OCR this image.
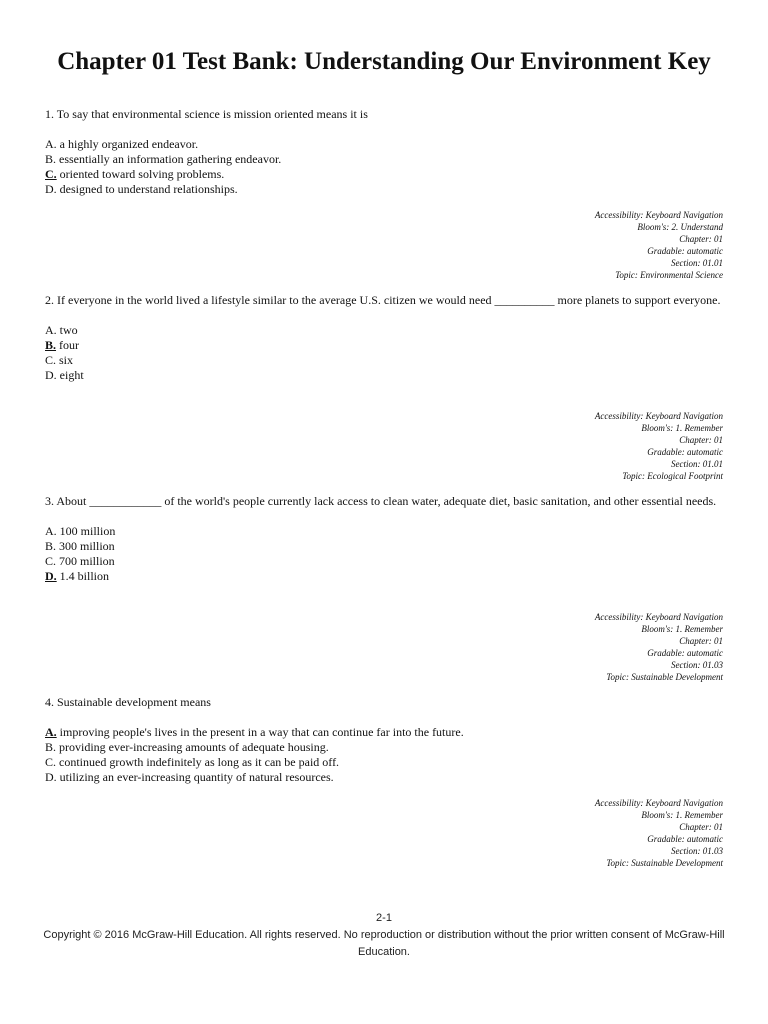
Chapter 01 Test Bank: Understanding Our Environment Key

1. To say that environmental science is mission oriented means it is

A. a highly organized endeavor.

B. essentially an information gathering endeavor.

C. oriented toward solving problems.

D. designed to understand relationships.

Accessibility: Keyboard Navigation
Bloom's: 2. Understand
Chapter: 01
Gradable: automatic
Section: 01.01
Topic: Environmental Science

2. If everyone in the world lived a lifestyle similar to the average U.S. citizen we would need __________ more planets to support everyone.

A. two

B. four

C. six

D. eight

Accessibility: Keyboard Navigation
Bloom's: 1. Remember
Chapter: 01
Gradable: automatic
Section: 01.01
Topic: Ecological Footprint

3. About ____________ of the world's people currently lack access to clean water, adequate diet, basic sanitation, and other essential needs.

A. 100 million

B. 300 million

C. 700 million

D. 1.4 billion

Accessibility: Keyboard Navigation
Bloom's: 1. Remember
Chapter: 01
Gradable: automatic
Section: 01.03
Topic: Sustainable Development

4. Sustainable development means

A. improving people's lives in the present in a way that can continue far into the future.

B. providing ever-increasing amounts of adequate housing.

C. continued growth indefinitely as long as it can be paid off.

D. utilizing an ever-increasing quantity of natural resources.

Accessibility: Keyboard Navigation
Bloom's: 1. Remember
Chapter: 01
Gradable: automatic
Section: 01.03
Topic: Sustainable Development

2-1

Copyright © 2016 McGraw-Hill Education. All rights reserved. No reproduction or distribution without the prior written consent of McGraw-Hill Education.
